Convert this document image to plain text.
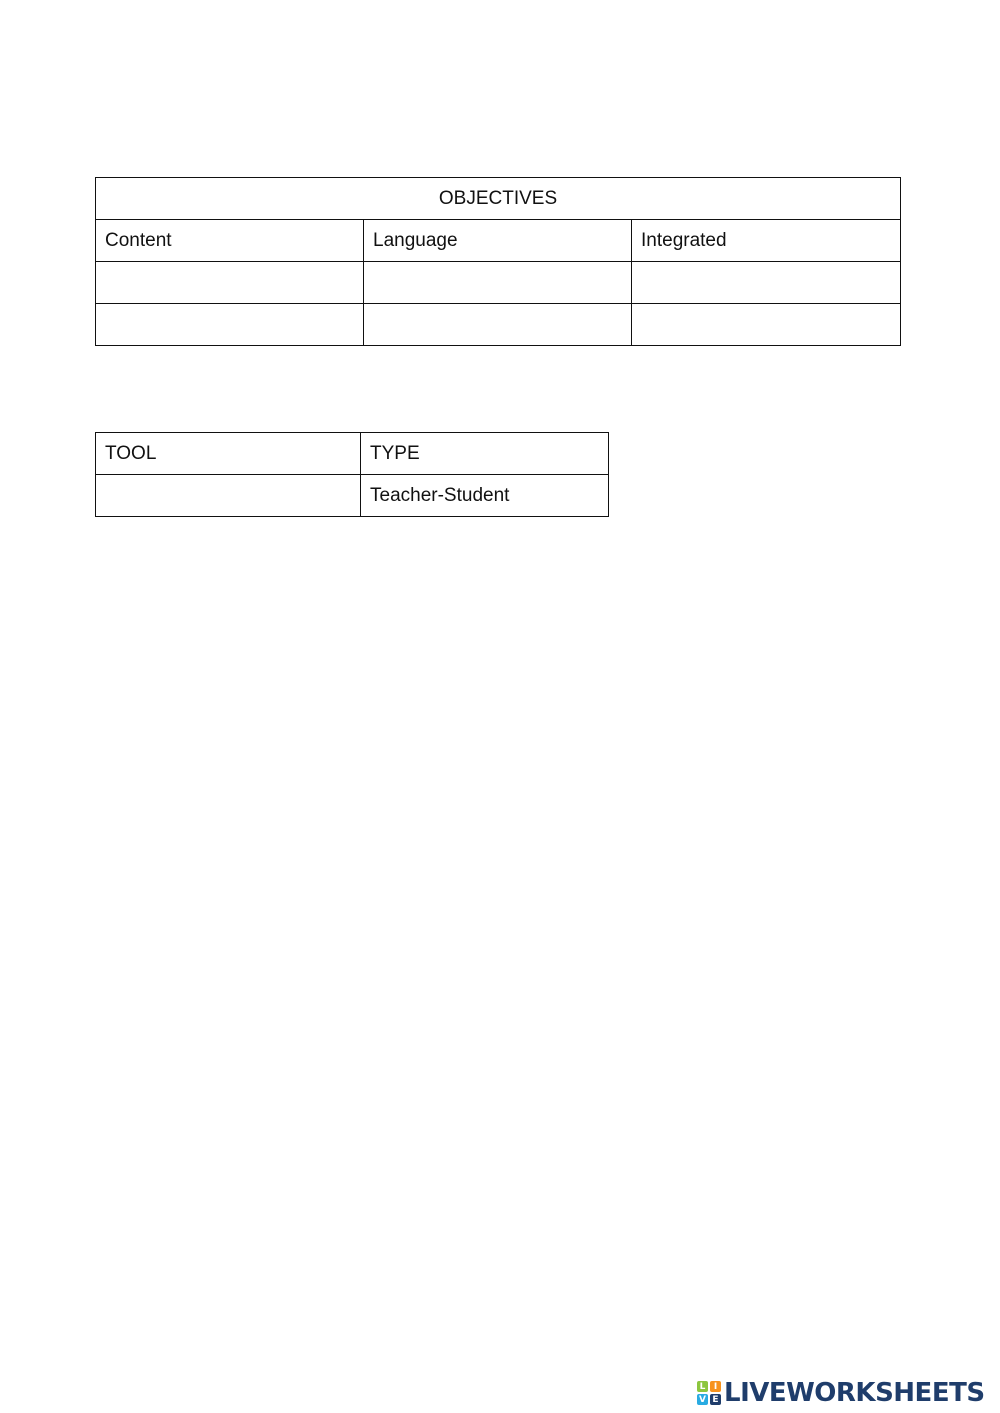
OBJECTIVES		
Content	Language	Integrated

TOOL	TYPE
	Teacher-Student
L I
V E LIVEWORKSHEETS
